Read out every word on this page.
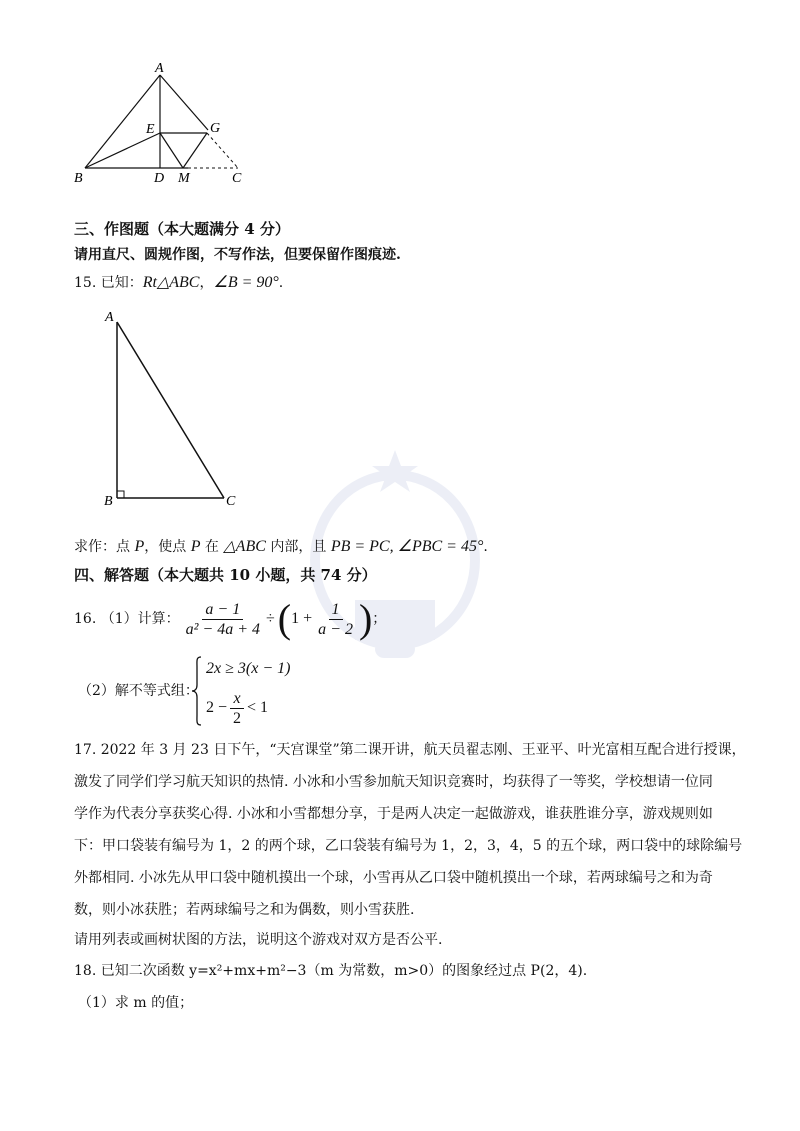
A
E	G
B	D M	C
三、作图题（本大题满分 4 分）
请用直尺、圆规作图，不写作法，但要保留作图痕迹.
15. 已知：Rt△ABC，∠B = 90°.
A
B	C
求作：点 P，使点 P 在 △ABC 内部，且 PB = PC, ∠PBC = 45°.
四、解答题（本大题共 10 小题，共 74 分）
16. （1）计算： $\frac{a - 1}{\text{a² − 4a + 4}}$ ÷ ( $1 + \frac{1}{a - 2}$ ) ；
（2）解不等式组：
2x ≥ 3(x − 1)
$2 - \frac{x}{2} < 1$
17. 2022 年 3 月 23 日下午，“天宫课堂”第二课开讲，航天员翟志刚、王亚平、叶光富相互配合进行授课，
激发了同学们学习航天知识的热情. 小冰和小雪参加航天知识竞赛时，均获得了一等奖，学校想请一位同
学作为代表分享获奖心得. 小冰和小雪都想分享，于是两人决定一起做游戏，谁获胜谁分享，游戏规则如
下：甲口袋装有编号为 1，2 的两个球，乙口袋装有编号为 1，2，3，4，5 的五个球，两口袋中的球除编号
外都相同. 小冰先从甲口袋中随机摸出一个球，小雪再从乙口袋中随机摸出一个球，若两球编号之和为奇
数，则小冰获胜；若两球编号之和为偶数，则小雪获胜.
请用列表或画树状图的方法，说明这个游戏对双方是否公平.
18. 已知二次函数 y=x²+mx+m²−3（m 为常数，m>0）的图象经过点 P(2，4).
（1）求 m 的值；
